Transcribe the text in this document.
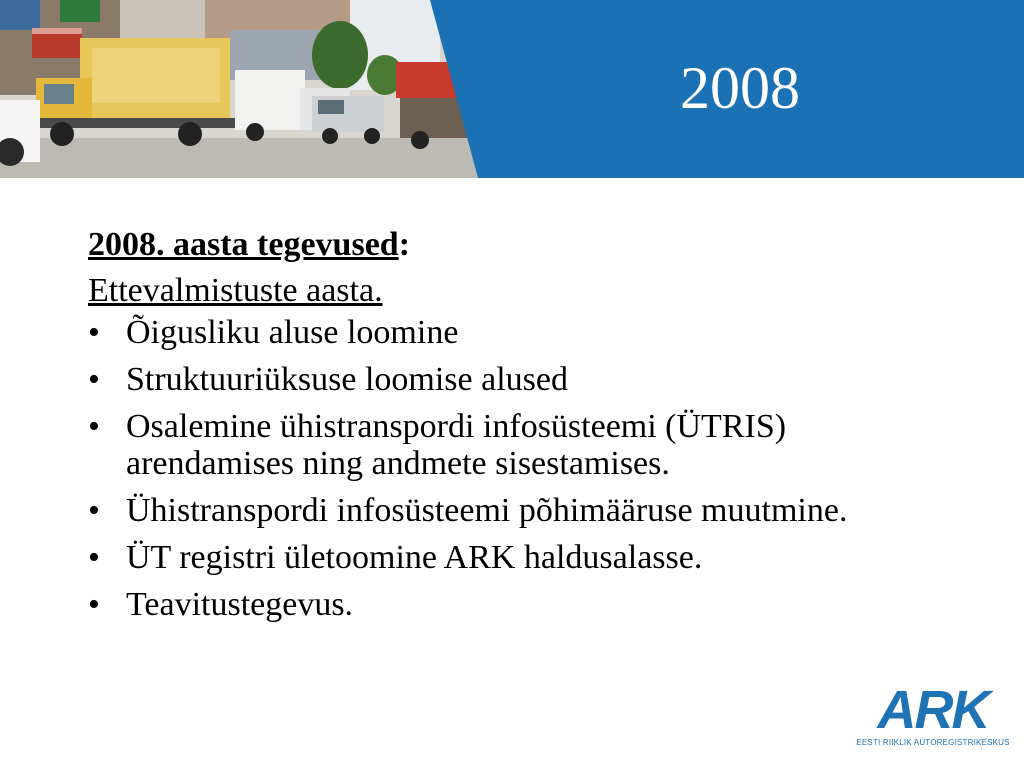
2008
2008. aasta tegevused:
Ettevalmistuste aasta.
• Õigusliku aluse loomine
• Struktuuriüksuse loomise alused
• Osalemine ühistranspordi infosüsteemi (ÜTRIS) arendamises ning andmete sisestamises.
• Ühistranspordi infosüsteemi põhimääruse muutmine.
• ÜT registri ületoomine ARK haldusalasse.
• Teavitustegevus.
ARK
EESTI RIIKLIK AUTOREGISTRIKESKUS
